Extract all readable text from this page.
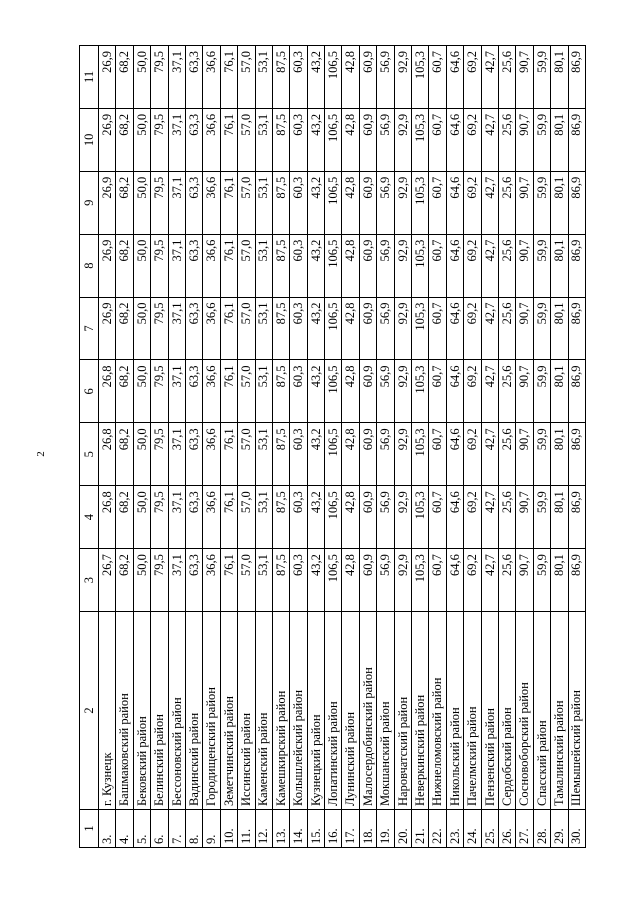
2
1	2	3	4	5	6	7	8	9	10	11
3.	г. Кузнецк	26,7	26,8	26,8	26,8	26,9	26,9	26,9	26,9	26,9
4.	Башмаковский район	68,2	68,2	68,2	68,2	68,2	68,2	68,2	68,2	68,2
5.	Бековский район	50,0	50,0	50,0	50,0	50,0	50,0	50,0	50,0	50,0
6.	Белинский район	79,5	79,5	79,5	79,5	79,5	79,5	79,5	79,5	79,5
7.	Бессоновский район	37,1	37,1	37,1	37,1	37,1	37,1	37,1	37,1	37,1
8.	Вадинский район	63,3	63,3	63,3	63,3	63,3	63,3	63,3	63,3	63,3
9.	Городищенский район	36,6	36,6	36,6	36,6	36,6	36,6	36,6	36,6	36,6
10.	Земетчинский район	76,1	76,1	76,1	76,1	76,1	76,1	76,1	76,1	76,1
11.	Иссинский район	57,0	57,0	57,0	57,0	57,0	57,0	57,0	57,0	57,0
12.	Каменский район	53,1	53,1	53,1	53,1	53,1	53,1	53,1	53,1	53,1
13.	Камешкирский район	87,5	87,5	87,5	87,5	87,5	87,5	87,5	87,5	87,5
14.	Колышлейский район	60,3	60,3	60,3	60,3	60,3	60,3	60,3	60,3	60,3
15.	Кузнецкий район	43,2	43,2	43,2	43,2	43,2	43,2	43,2	43,2	43,2
16.	Лопатинский район	106,5	106,5	106,5	106,5	106,5	106,5	106,5	106,5	106,5
17.	Лунинский район	42,8	42,8	42,8	42,8	42,8	42,8	42,8	42,8	42,8
18.	Малосердобинский район	60,9	60,9	60,9	60,9	60,9	60,9	60,9	60,9	60,9
19.	Мокшанский район	56,9	56,9	56,9	56,9	56,9	56,9	56,9	56,9	56,9
20.	Наровчатский район	92,9	92,9	92,9	92,9	92,9	92,9	92,9	92,9	92,9
21.	Неверкинский район	105,3	105,3	105,3	105,3	105,3	105,3	105,3	105,3	105,3
22.	Нижнеломовский район	60,7	60,7	60,7	60,7	60,7	60,7	60,7	60,7	60,7
23.	Никольский район	64,6	64,6	64,6	64,6	64,6	64,6	64,6	64,6	64,6
24.	Пачелмский район	69,2	69,2	69,2	69,2	69,2	69,2	69,2	69,2	69,2
25.	Пензенский район	42,7	42,7	42,7	42,7	42,7	42,7	42,7	42,7	42,7
26.	Сердобский район	25,6	25,6	25,6	25,6	25,6	25,6	25,6	25,6	25,6
27.	Сосновоборский район	90,7	90,7	90,7	90,7	90,7	90,7	90,7	90,7	90,7
28.	Спасский район	59,9	59,9	59,9	59,9	59,9	59,9	59,9	59,9	59,9
29.	Тамалинский район	80,1	80,1	80,1	80,1	80,1	80,1	80,1	80,1	80,1
30.	Шемышейский район	86,9	86,9	86,9	86,9	86,9	86,9	86,9	86,9	86,9
